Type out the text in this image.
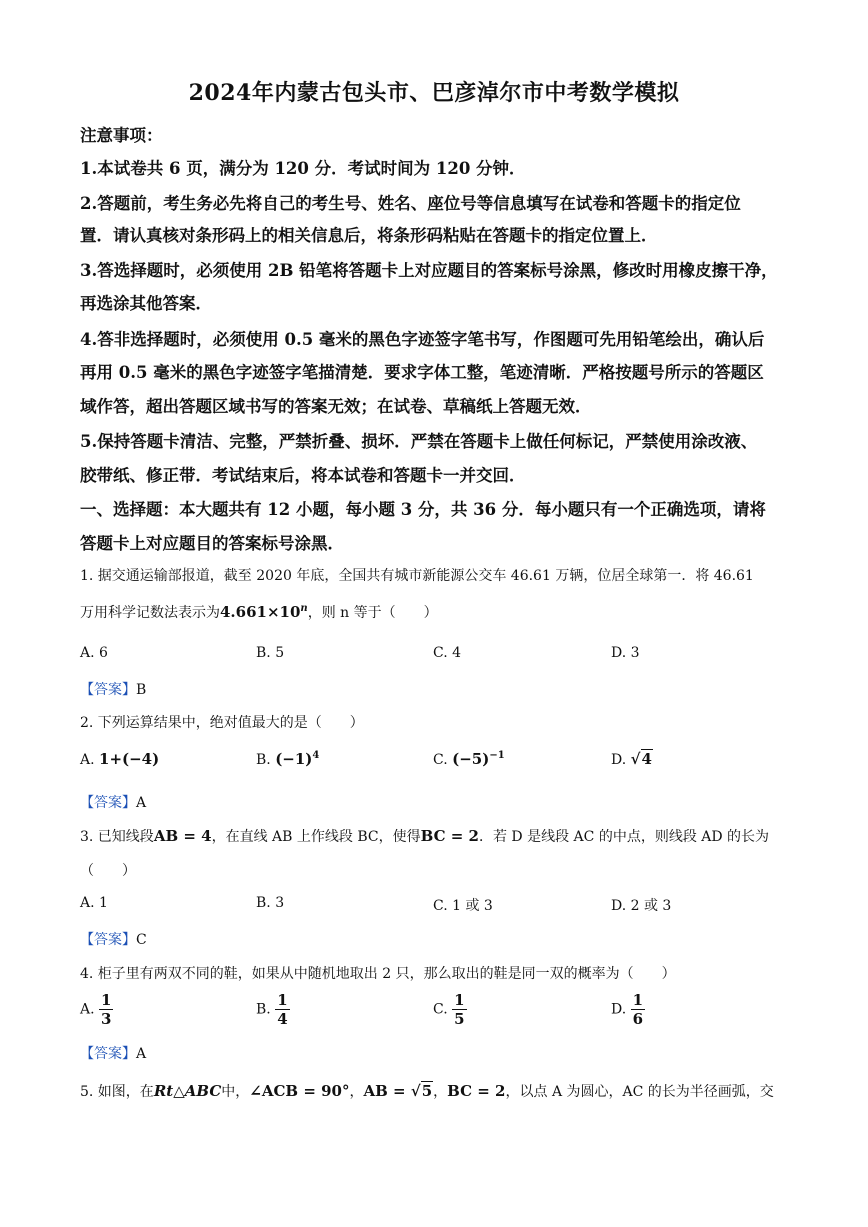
2024年内蒙古包头市、巴彦淖尔市中考数学模拟
注意事项：
1.本试卷共 6 页，满分为 120 分．考试时间为 120 分钟．
2.答题前，考生务必先将自己的考生号、姓名、座位号等信息填写在试卷和答题卡的指定位
置．请认真核对条形码上的相关信息后，将条形码粘贴在答题卡的指定位置上．
3.答选择题时，必须使用 2B 铅笔将答题卡上对应题目的答案标号涂黑，修改时用橡皮擦干净，
再选涂其他答案．
4.答非选择题时，必须使用 0.5 毫米的黑色字迹签字笔书写，作图题可先用铅笔绘出，确认后
再用 0.5 毫米的黑色字迹签字笔描清楚．要求字体工整，笔迹清晰．严格按题号所示的答题区
域作答，超出答题区域书写的答案无效；在试卷、草稿纸上答题无效．
5.保持答题卡清洁、完整，严禁折叠、损坏．严禁在答题卡上做任何标记，严禁使用涂改液、
胶带纸、修正带．考试结束后，将本试卷和答题卡一并交回．
一、选择题：本大题共有 12 小题，每小题 3 分，共 36 分．每小题只有一个正确选项，请将
答题卡上对应题目的答案标号涂黑．
1. 据交通运输部报道，截至 2020 年底，全国共有城市新能源公交车 46.61 万辆，位居全球第一．将 46.61
万用科学记数法表示为$4.661\times 10^n$，则 n 等于（　　）
A. 6	B. 5	C. 4	D. 3
【答案】B
2. 下列运算结果中，绝对值最大的是（　　）
A. 1+(−4)	B. $(-1)^4$	C. $(-5)^{-1}$	D. √4
【答案】A
3. 已知线段AB = 4，在直线 AB 上作线段 BC，使得BC = 2．若 D 是线段 AC 的中点，则线段 AD 的长为
（　　）
A. 1	B. 3	C. 1 或 3	D. 2 或 3
【答案】C
4. 柜子里有两双不同的鞋，如果从中随机地取出 2 只，那么取出的鞋是同一双的概率为（　　）
A. $\frac{1}{3}$	B. $\frac{1}{4}$	C. $\frac{1}{5}$	D. $\frac{1}{6}$
【答案】A
5. 如图，在Rt△ABC中，∠ACB = 90°，AB = √5，BC = 2，以点 A 为圆心，AC 的长为半径画弧，交
